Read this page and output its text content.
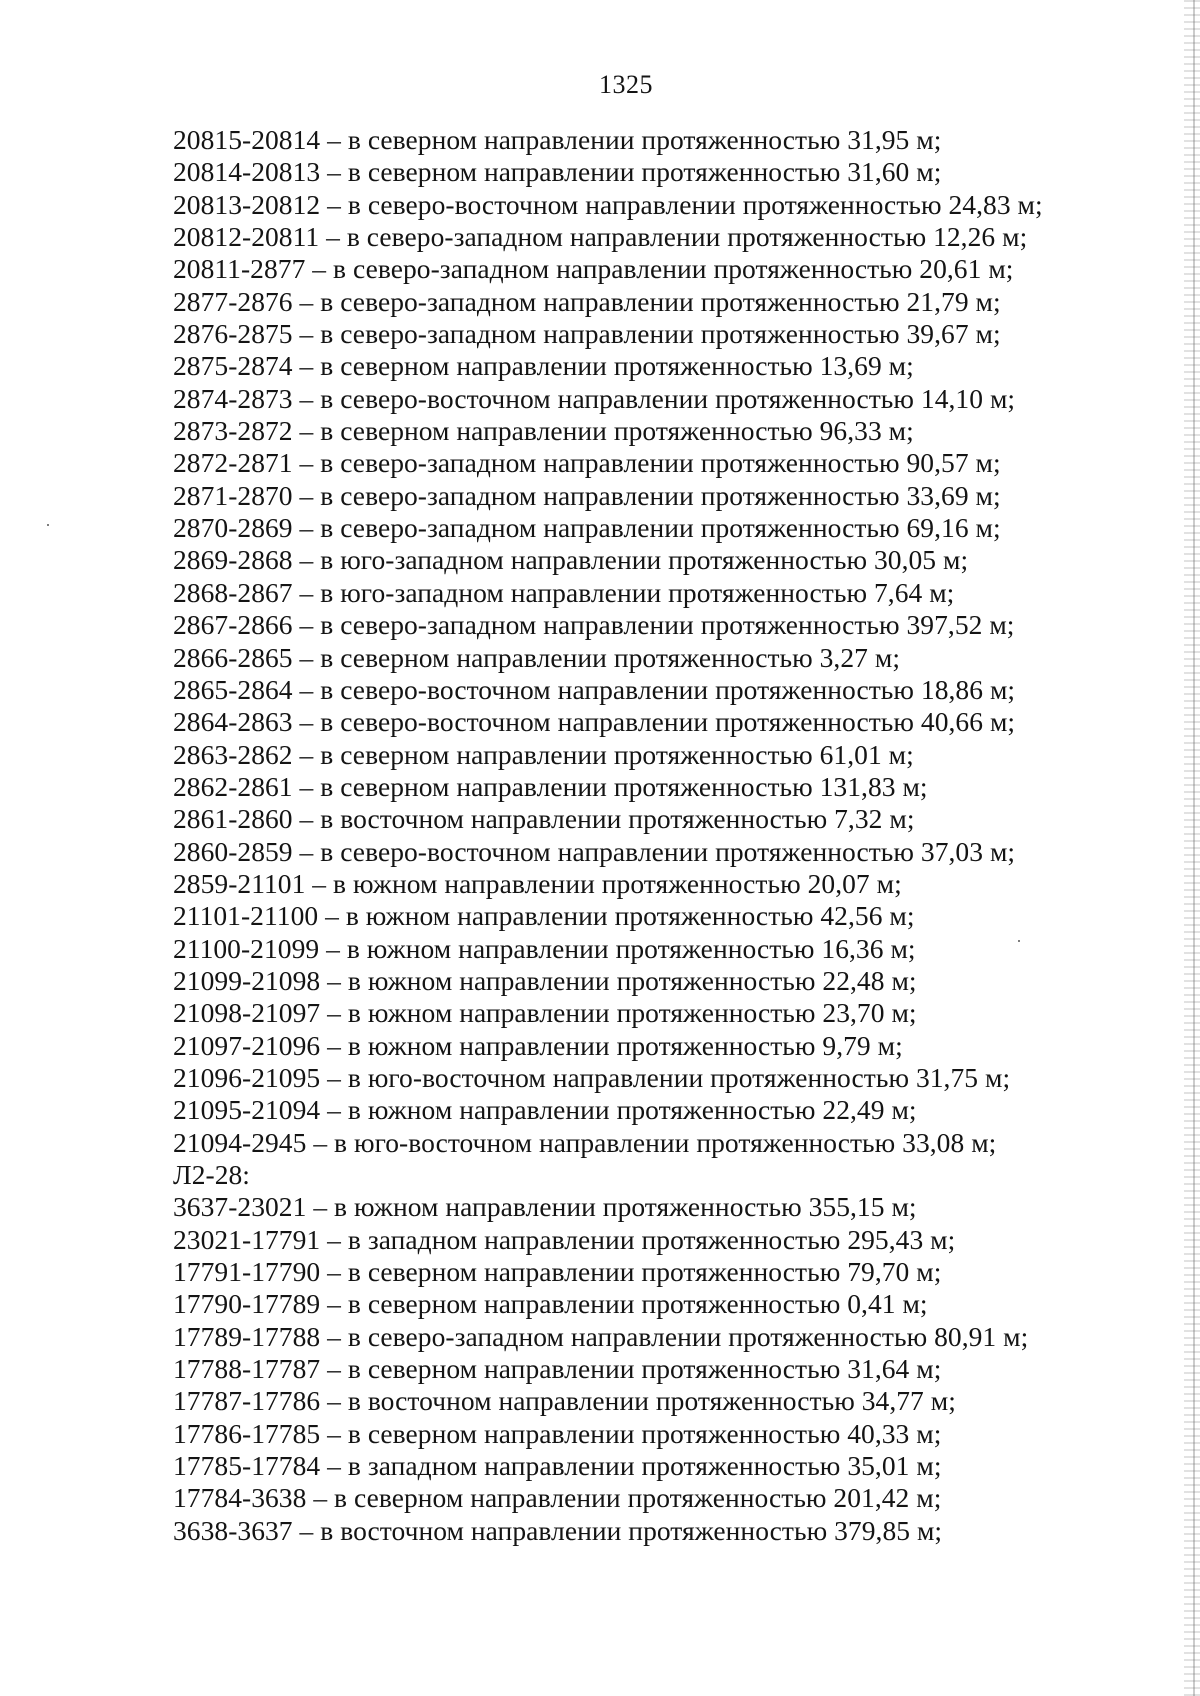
1325
20815-20814 – в северном направлении протяженностью 31,95 м;
20814-20813 – в северном направлении протяженностью 31,60 м;
20813-20812 – в северо-восточном направлении протяженностью 24,83 м;
20812-20811 – в северо-западном направлении протяженностью 12,26 м;
20811-2877 – в северо-западном направлении протяженностью 20,61 м;
2877-2876 – в северо-западном направлении протяженностью 21,79 м;
2876-2875 – в северо-западном направлении протяженностью 39,67 м;
2875-2874 – в северном направлении протяженностью 13,69 м;
2874-2873 – в северо-восточном направлении протяженностью 14,10 м;
2873-2872 – в северном направлении протяженностью 96,33 м;
2872-2871 – в северо-западном направлении протяженностью 90,57 м;
2871-2870 – в северо-западном направлении протяженностью 33,69 м;
2870-2869 – в северо-западном направлении протяженностью 69,16 м;
2869-2868 – в юго-западном направлении протяженностью 30,05 м;
2868-2867 – в юго-западном направлении протяженностью 7,64 м;
2867-2866 – в северо-западном направлении протяженностью 397,52 м;
2866-2865 – в северном направлении протяженностью 3,27 м;
2865-2864 – в северо-восточном направлении протяженностью 18,86 м;
2864-2863 – в северо-восточном направлении протяженностью 40,66 м;
2863-2862 – в северном направлении протяженностью 61,01 м;
2862-2861 – в северном направлении протяженностью 131,83 м;
2861-2860 – в восточном направлении протяженностью 7,32 м;
2860-2859 – в северо-восточном направлении протяженностью 37,03 м;
2859-21101 – в южном направлении протяженностью 20,07 м;
21101-21100 – в южном направлении протяженностью 42,56 м;
21100-21099 – в южном направлении протяженностью 16,36 м;
21099-21098 – в южном направлении протяженностью 22,48 м;
21098-21097 – в южном направлении протяженностью 23,70 м;
21097-21096 – в южном направлении протяженностью 9,79 м;
21096-21095 – в юго-восточном направлении протяженностью 31,75 м;
21095-21094 – в южном направлении протяженностью 22,49 м;
21094-2945 – в юго-восточном направлении протяженностью 33,08 м;
Л2-28:
3637-23021 – в южном направлении протяженностью 355,15 м;
23021-17791 – в западном направлении протяженностью 295,43 м;
17791-17790 – в северном направлении протяженностью 79,70 м;
17790-17789 – в северном направлении протяженностью 0,41 м;
17789-17788 – в северо-западном направлении протяженностью 80,91 м;
17788-17787 – в северном направлении протяженностью 31,64 м;
17787-17786 – в восточном направлении протяженностью 34,77 м;
17786-17785 – в северном направлении протяженностью 40,33 м;
17785-17784 – в западном направлении протяженностью 35,01 м;
17784-3638 – в северном направлении протяженностью 201,42 м;
3638-3637 – в восточном направлении протяженностью 379,85 м;
